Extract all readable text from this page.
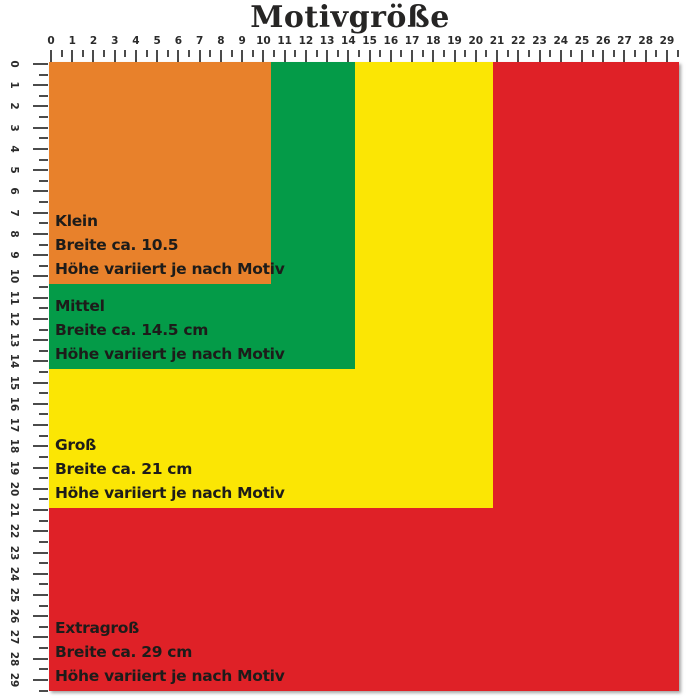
Motivgröße
0	1	2	3	4	5	6	7	8	9 10 11 12 13 14 15 16 17 18 19 20 21 22 23 24 25 26 27 28 29
0
1
2
3
4
5
6
7
8
9
10
11
12
13
14
15
16
17
18
19
20
21
22
23
24
25
26
27
28
29
Klein
Breite ca. 10.5
Höhe variiert je nach Motiv
Mittel
Breite ca. 14.5 cm
Höhe variiert je nach Motiv
Groß
Breite ca. 21 cm
Höhe variiert je nach Motiv
Extragroß
Breite ca. 29 cm
Höhe variiert je nach Motiv
